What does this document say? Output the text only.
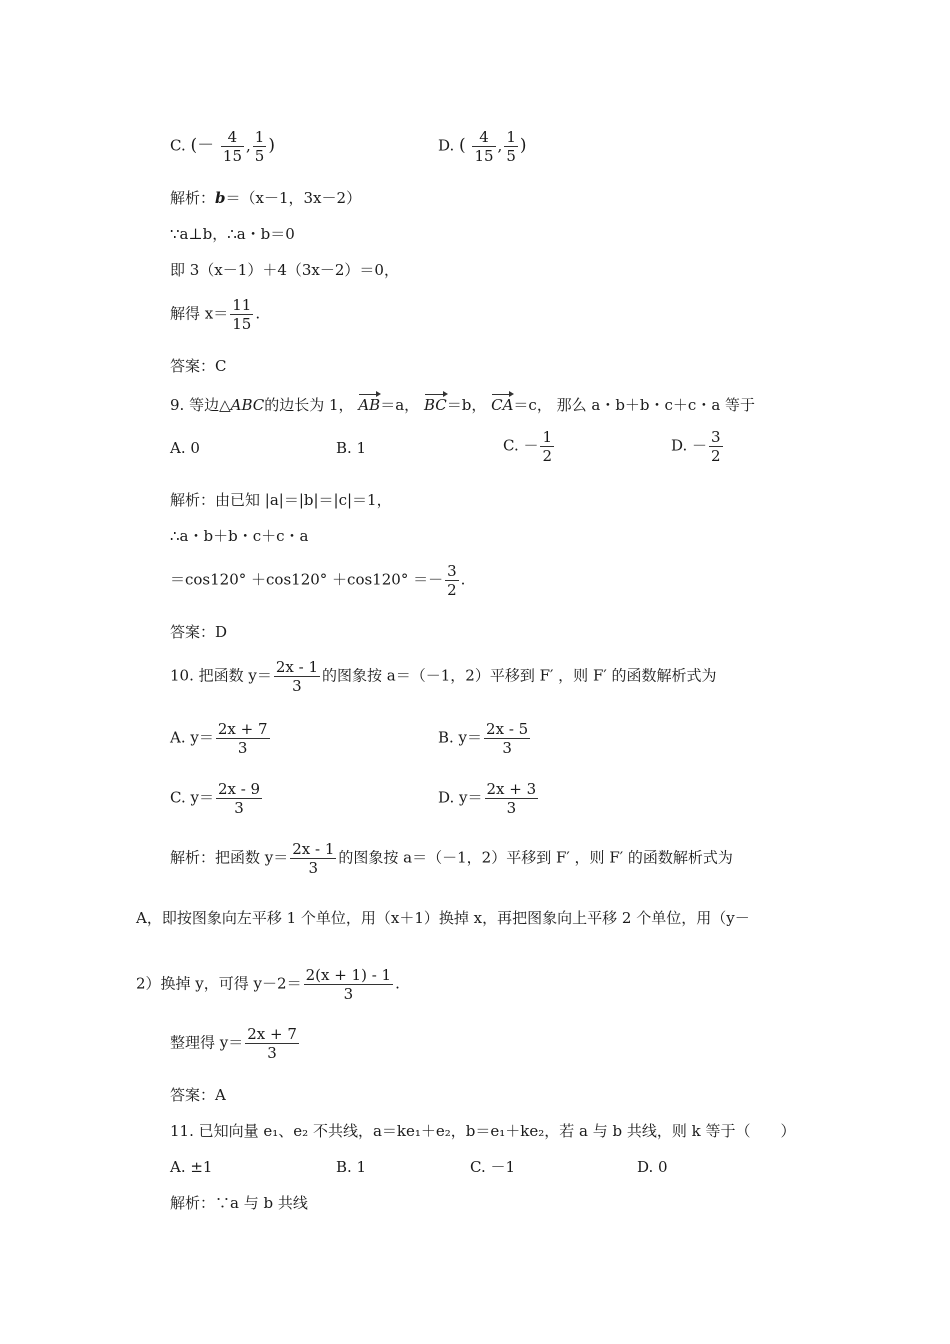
C. (－ $\frac{4}{15}$ , $\frac{1}{5}$ )	D. ( $\frac{4}{15}$ , $\frac{1}{5}$ )
解析：b＝（x－1，3x－2）
∵a⊥b，∴a・b＝0
即 3（x－1）＋4（3x－2）＝0，
解得 $x= \frac{11}{15}$ .
答案：C
9. 等边△ABC的边长为 1， AB＝a， BC＝b， CA＝c， 那么 a・b＋b・c＋c・a 等于
A. 0	B. 1	C. － $\frac{1}{2}$	D. － $\frac{3}{2}$
解析：由已知 |a|＝|b|＝|c|＝1，
∴a・b＋b・c＋c・a
$=\cos 120^\circ +\cos 120^\circ +\cos 120^\circ =- \frac{3}{2}$ .
答案：D
10. 把函数 $y= \frac{2x - 1}{3}$ 的图象按 a＝（－1，2）平移到 F′ ，则 F′ 的函数解析式为
A. $y= \frac{2x + 7}{3}$	B. $y= \frac{2x - 5}{3}$
C. $y= \frac{2x - 9}{3}$	D. $y= \frac{2x + 3}{3}$
解析：把函数 $y= \frac{2x - 1}{3}$ 的图象按 a＝（－1，2）平移到 F′ ，则 F′ 的函数解析式为
A，即按图象向左平移 1 个单位，用（x＋1）换掉 x，再把图象向上平移 2 个单位，用（y－
2）换掉 y，可得 $y-2= \frac{2(x + 1) - 1}{3}$ .
整理得 $y= \frac{2x + 7}{3}$
答案：A
11. 已知向量 e₁、e₂ 不共线，a＝ke₁＋e₂，b＝e₁＋ke₂，若 a 与 b 共线，则 k 等于（　　）
A. ±1	B. 1	C. －1	D. 0
解析：∵a 与 b 共线
